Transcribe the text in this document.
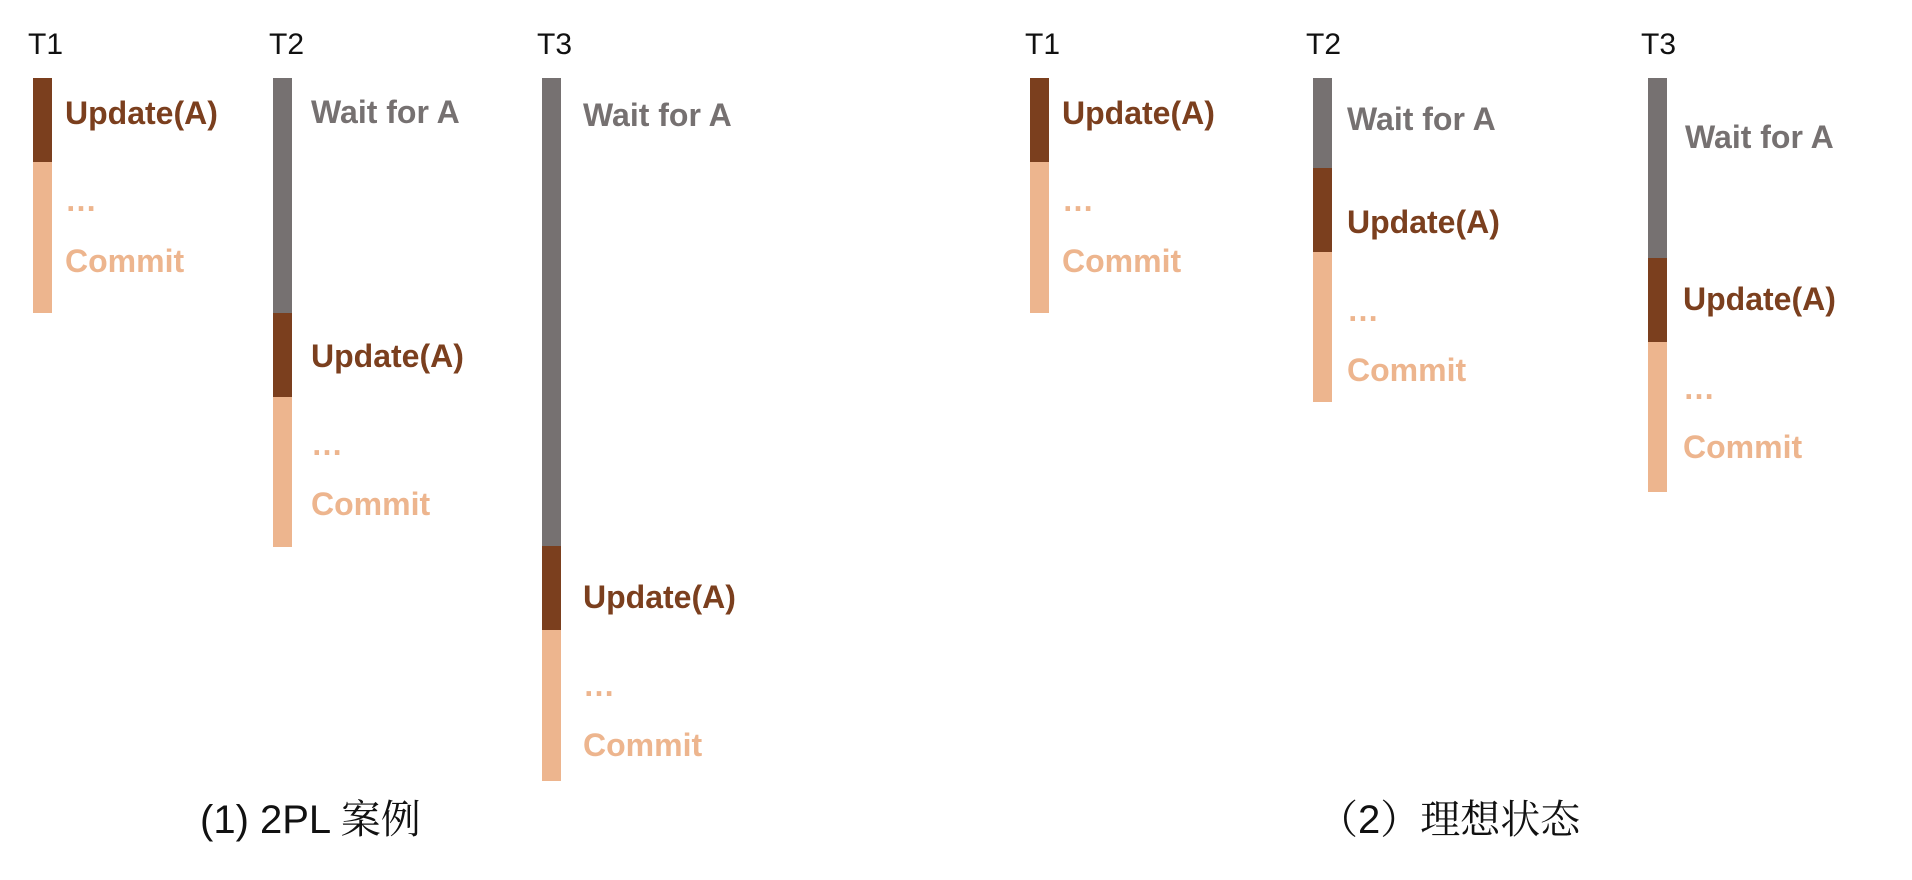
T1
Update(A)
…
Commit
T2
Wait for A
Update(A)
…
Commit
T3
Wait for A
Update(A)
…
Commit
(1) 2PL 案例
T1
Update(A)
…
Commit
T2
Wait for A
Update(A)
…
Commit
T3
Wait for A
Update(A)
…
Commit
（2）理想状态
